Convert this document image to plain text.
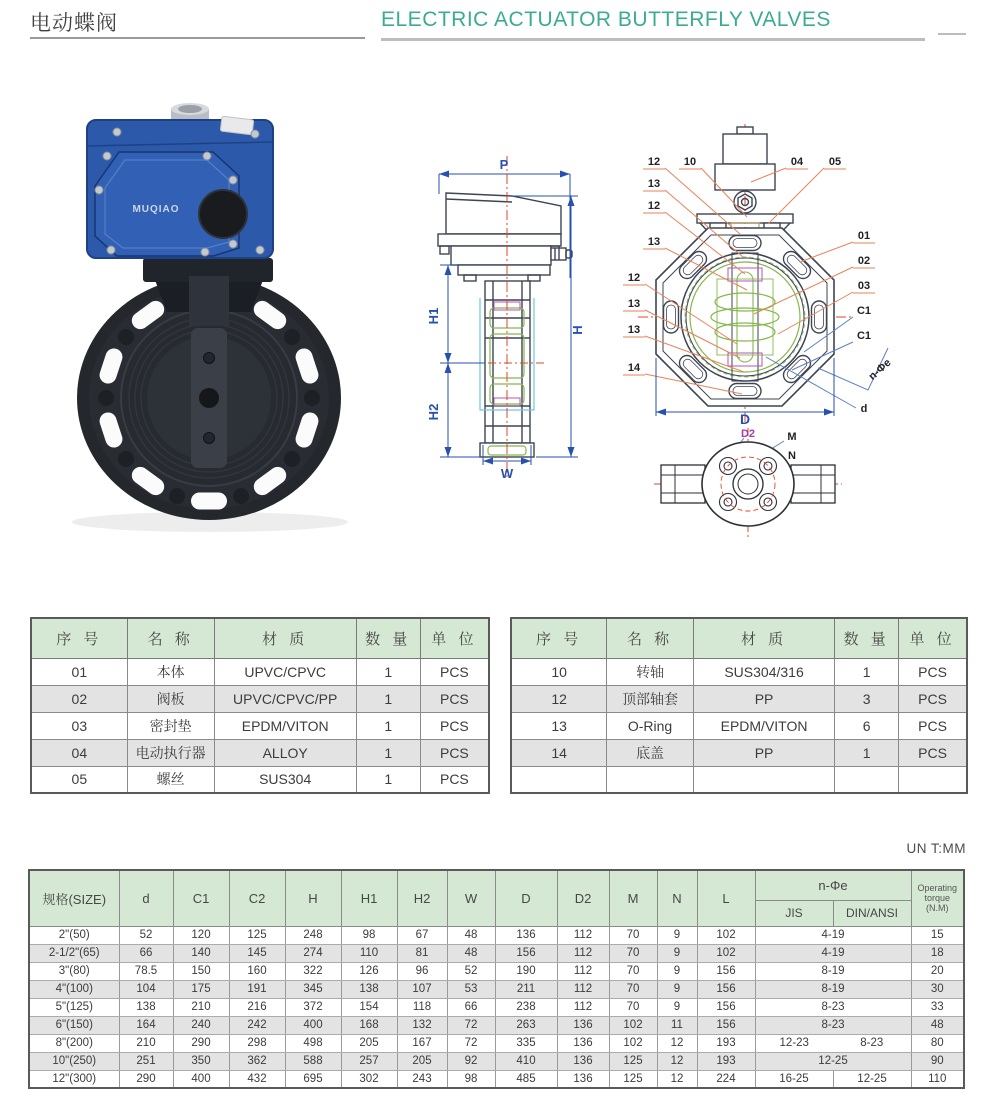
电动蝶阀	ELECTRIC ACTUATOR BUTTERFLY VALVES
MUQIAO
P
H
H1
H2
W
12 10	04 05
13
12
13
12
13
13
14
01
02
03
C1
C1
n-Φe
d
D
D2	M
N
序 号	名 称	材 质	数 量	单 位
01	本体	UPVC/CPVC	1	PCS
02	阀板	UPVC/CPVC/PP	1	PCS
03	密封垫	EPDM/VITON	1	PCS
04	电动执行器	ALLOY	1	PCS
05	螺丝	SUS304	1	PCS
序 号	名 称	材 质	数 量	单 位
10	转轴	SUS304/316	1	PCS
12	顶部轴套	PP	3	PCS
13	O-Ring	EPDM/VITON	6	PCS
14	底盖	PP	1	PCS

UN T:MM
规格(SIZE)	d	C1	C2	H	H1	H2	W	D	D2	M	N	L	n-Φe		Operating torque (N.M)
													JIS	DIN/ANSI	
2"(50)	52	120	125	248	98	67	48	136	112	70	9	102	4-19		15
2-1/2"(65)	66	140	145	274	110	81	48	156	112	70	9	102	4-19		18
3"(80)	78.5	150	160	322	126	96	52	190	112	70	9	156	8-19		20
4"(100)	104	175	191	345	138	107	53	211	112	70	9	156	8-19		30
5"(125)	138	210	216	372	154	118	66	238	112	70	9	156	8-23		33
6"(150)	164	240	242	400	168	132	72	263	136	102	11	156	8-23		48
8"(200)	210	290	298	498	205	167	72	335	136	102	12	193	12-23	8-23	80
10"(250)	251	350	362	588	257	205	92	410	136	125	12	193	12-25		90
12"(300)	290	400	432	695	302	243	98	485	136	125	12	224	16-25	12-25	110
